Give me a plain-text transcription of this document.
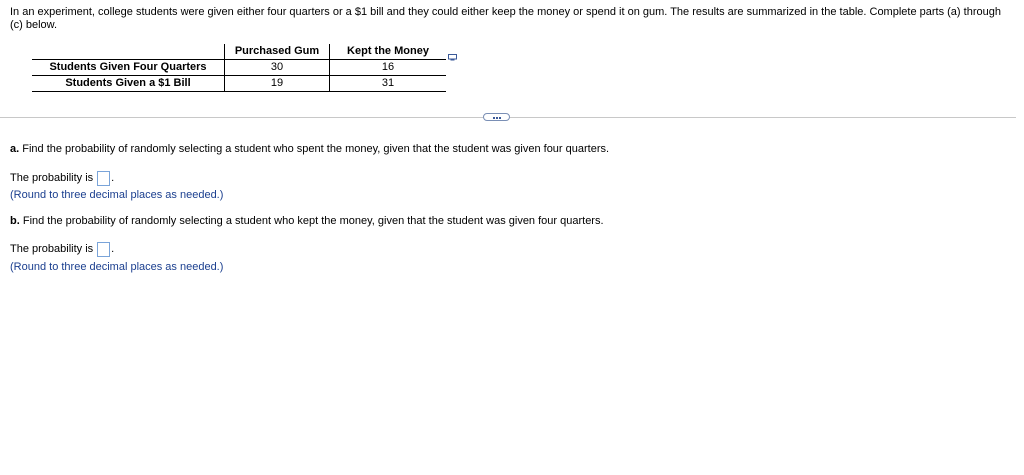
In an experiment, college students were given either four quarters or a $1 bill and they could either keep the money or spend it on gum. The results are summarized in the table. Complete parts (a) through (c) below.
	Purchased Gum	Kept the Money
Students Given Four Quarters	30	16
Students Given a $1 Bill	19	31
a. Find the probability of randomly selecting a student who spent the money, given that the student was given four quarters.
The probability is .
(Round to three decimal places as needed.)
b. Find the probability of randomly selecting a student who kept the money, given that the student was given four quarters.
The probability is .
(Round to three decimal places as needed.)
